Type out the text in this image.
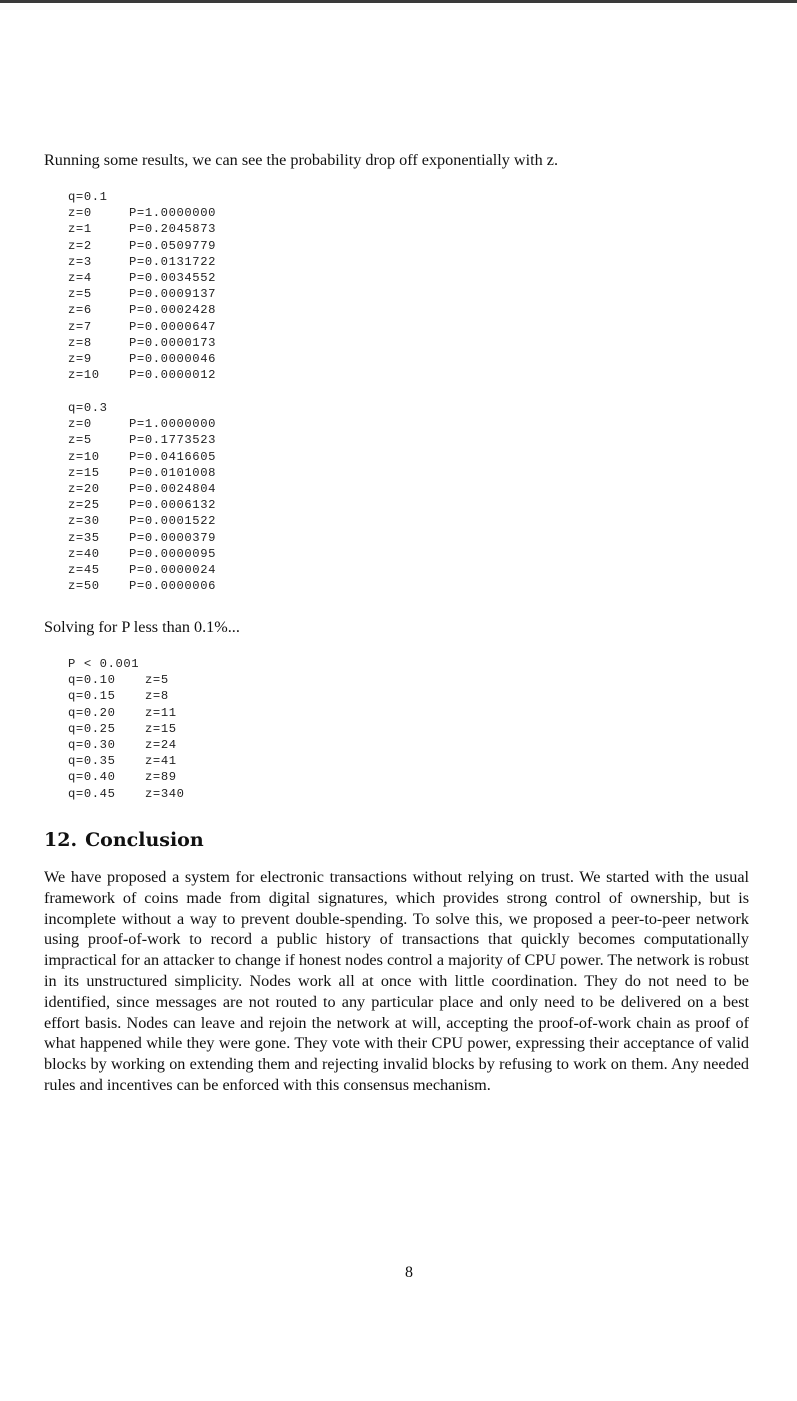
Running some results, we can see the probability drop off exponentially with z.

q=0.1
z=0	P=1.0000000
z=1	P=0.2045873
z=2	P=0.0509779
z=3	P=0.0131722
z=4	P=0.0034552
z=5	P=0.0009137
z=6	P=0.0002428
z=7	P=0.0000647
z=8	P=0.0000173
z=9	P=0.0000046
z=10 P=0.0000012
q=0.3
z=0	P=1.0000000
z=5	P=0.1773523
z=10 P=0.0416605
z=15 P=0.0101008
z=20 P=0.0024804
z=25 P=0.0006132
z=30 P=0.0001522
z=35 P=0.0000379
z=40 P=0.0000095
z=45 P=0.0000024
z=50 P=0.0000006

Solving for P less than 0.1%...

P < 0.001
q=0.10 z=5
q=0.15 z=8
q=0.20 z=11
q=0.25 z=15
q=0.30 z=24
q=0.35 z=41
q=0.40 z=89
q=0.45 z=340
12. Conclusion

We have proposed a system for electronic transactions without relying on trust. We started with the usual framework of coins made from digital signatures, which provides strong control of ownership, but is incomplete without a way to prevent double-spending. To solve this, we proposed a peer-to-peer network using proof-of-work to record a public history of transactions that quickly becomes computationally impractical for an attacker to change if honest nodes control a majority of CPU power. The network is robust in its unstructured simplicity. Nodes work all at once with little coordination. They do not need to be identified, since messages are not routed to any particular place and only need to be delivered on a best effort basis. Nodes can leave and rejoin the network at will, accepting the proof-of-work chain as proof of what happened while they were gone. They vote with their CPU power, expressing their acceptance of valid blocks by working on extending them and rejecting invalid blocks by refusing to work on them. Any needed rules and incentives can be enforced with this consensus mechanism.

8
